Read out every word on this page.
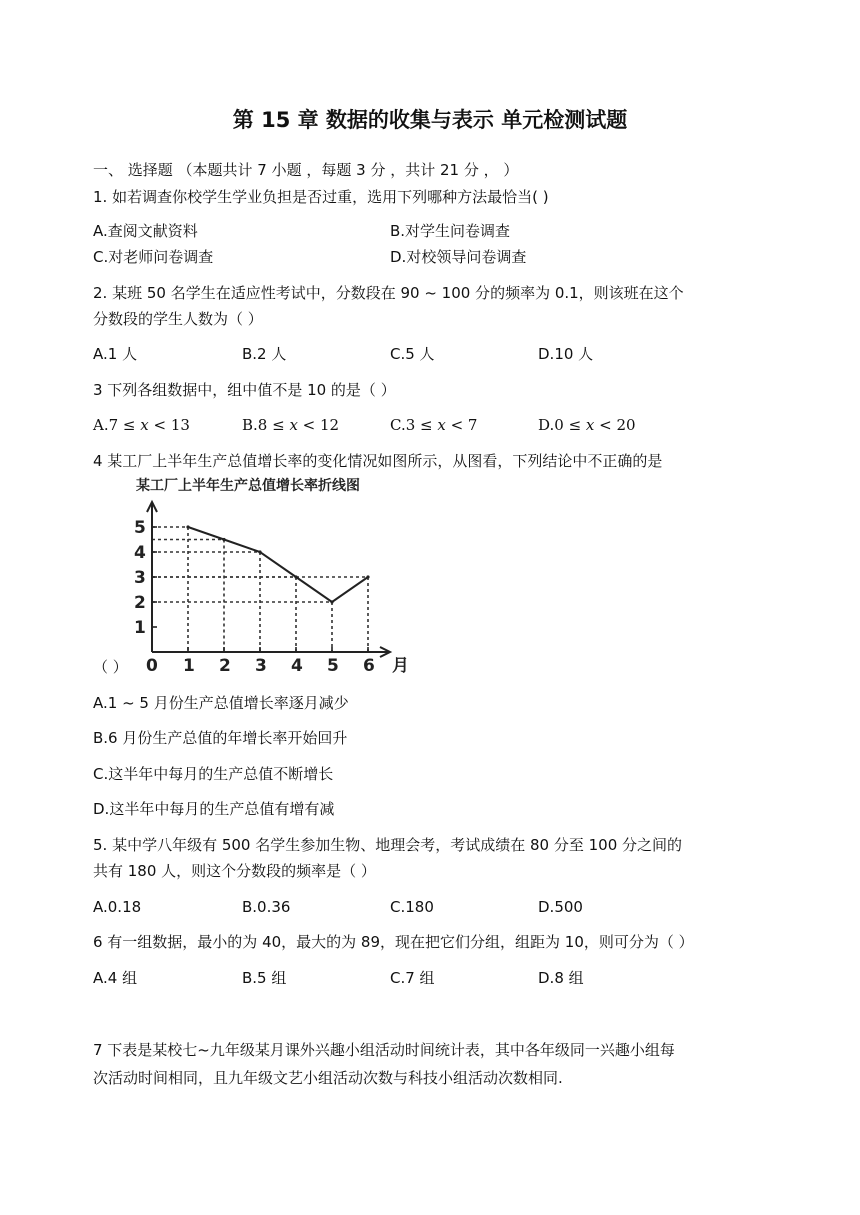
第 15 章 数据的收集与表示 单元检测试题
一、 选择题 （本题共计 7 小题 ，每题 3 分 ，共计 21 分 ， ）
1. 如若调查你校学生学业负担是否过重，选用下列哪种方法最恰当( )
A.查阅文献资料	B.对学生问卷调查
C.对老师问卷调查	D.对校领导问卷调查
2. 某班 50 名学生在适应性考试中，分数段在 90 ~ 100 分的频率为 0.1，则该班在这个
分数段的学生人数为（ ）
A.1 人	B.2 人	C.5 人	D.10 人
3 下列各组数据中，组中值不是 10 的是（ ）
A.7 ≤ 𝑥 < 13	B.8 ≤ 𝑥 < 12	C.3 ≤ 𝑥 < 7	D.0 ≤ 𝑥 < 20
4 某工厂上半年生产总值增长率的变化情况如图所示，从图看，下列结论中不正确的是
某工厂上半年生产总值增长率折线图
1
2
3
4
5
0 1 2 3 4 5 6 月
（ ）
A.1 ~ 5 月份生产总值增长率逐月减少
B.6 月份生产总值的年增长率开始回升
C.这半年中每月的生产总值不断增长
D.这半年中每月的生产总值有增有减
5. 某中学八年级有 500 名学生参加生物、地理会考，考试成绩在 80 分至 100 分之间的
共有 180 人，则这个分数段的频率是（ ）
A.0.18	B.0.36	C.180	D.500
6 有一组数据，最小的为 40，最大的为 89，现在把它们分组，组距为 10，则可分为（ ）
A.4 组	B.5 组	C.7 组	D.8 组
7 下表是某校七~九年级某月课外兴趣小组活动时间统计表，其中各年级同一兴趣小组每
次活动时间相同，且九年级文艺小组活动次数与科技小组活动次数相同.
